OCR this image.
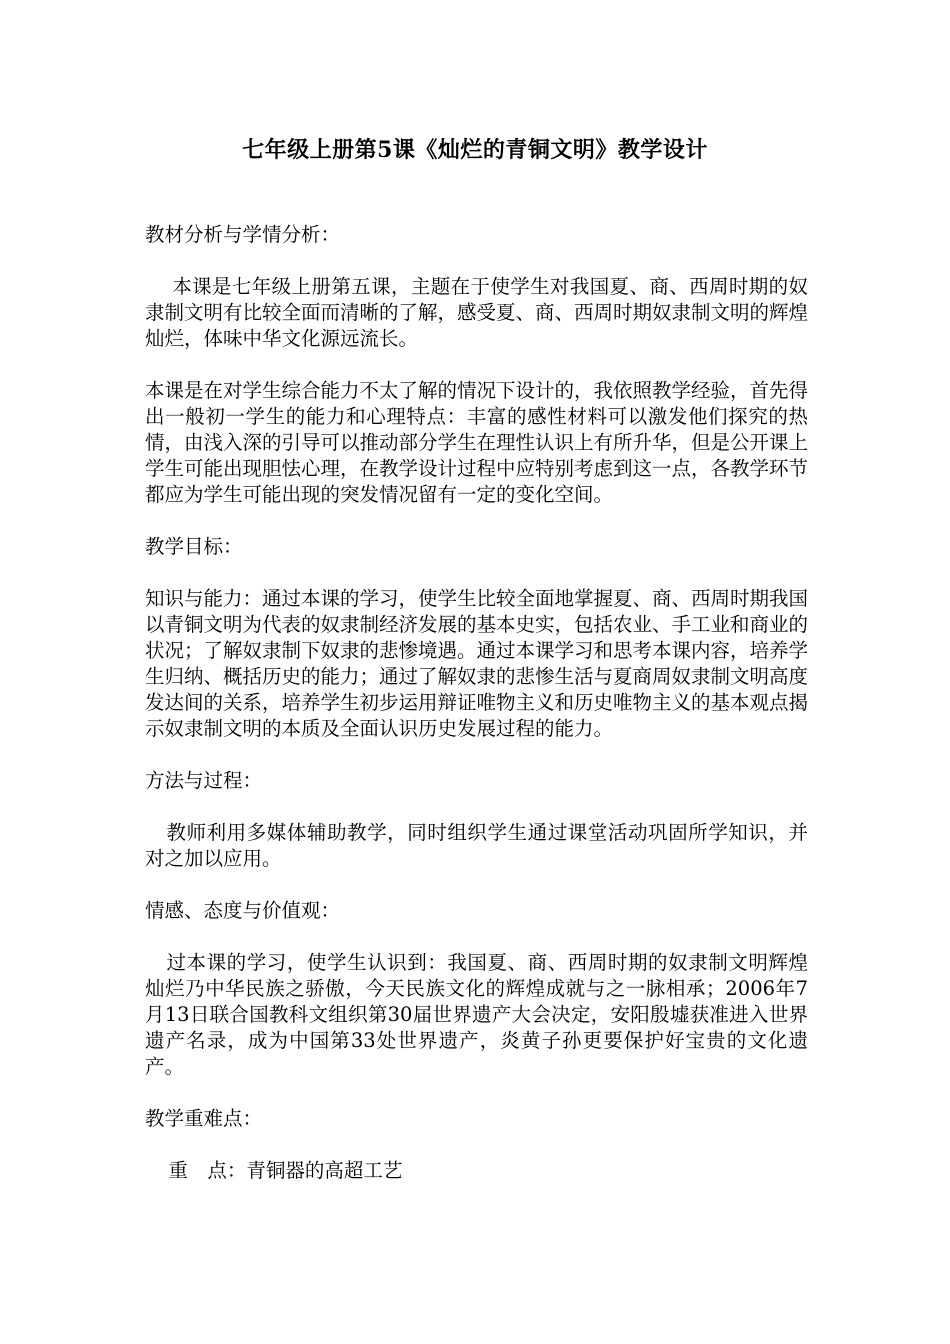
七年级上册第5课《灿烂的青铜文明》教学设计

教材分析与学情分析：

本课是七年级上册第五课，主题在于使学生对我国夏、商、西周时期的奴隶制文明有比较全面而清晰的了解，感受夏、商、西周时期奴隶制文明的辉煌灿烂，体味中华文化源远流长。

本课是在对学生综合能力不太了解的情况下设计的，我依照教学经验，首先得出一般初一学生的能力和心理特点：丰富的感性材料可以激发他们探究的热情，由浅入深的引导可以推动部分学生在理性认识上有所升华，但是公开课上学生可能出现胆怯心理，在教学设计过程中应特别考虑到这一点，各教学环节都应为学生可能出现的突发情况留有一定的变化空间。

教学目标：

知识与能力：通过本课的学习，使学生比较全面地掌握夏、商、西周时期我国以青铜文明为代表的奴隶制经济发展的基本史实，包括农业、手工业和商业的状况；了解奴隶制下奴隶的悲惨境遇。通过本课学习和思考本课内容，培养学生归纳、概括历史的能力；通过了解奴隶的悲惨生活与夏商周奴隶制文明高度发达间的关系，培养学生初步运用辩证唯物主义和历史唯物主义的基本观点揭示奴隶制文明的本质及全面认识历史发展过程的能力。

方法与过程：

教师利用多媒体辅助教学，同时组织学生通过课堂活动巩固所学知识，并对之加以应用。

情感、态度与价值观：

过本课的学习，使学生认识到：我国夏、商、西周时期的奴隶制文明辉煌灿烂乃中华民族之骄傲，今天民族文化的辉煌成就与之一脉相承；2006年7月13日联合国教科文组织第30届世界遗产大会决定，安阳殷墟获准进入世界遗产名录，成为中国第33处世界遗产，炎黄子孙更要保护好宝贵的文化遗产。

教学重难点：

重　点：青铜器的高超工艺
